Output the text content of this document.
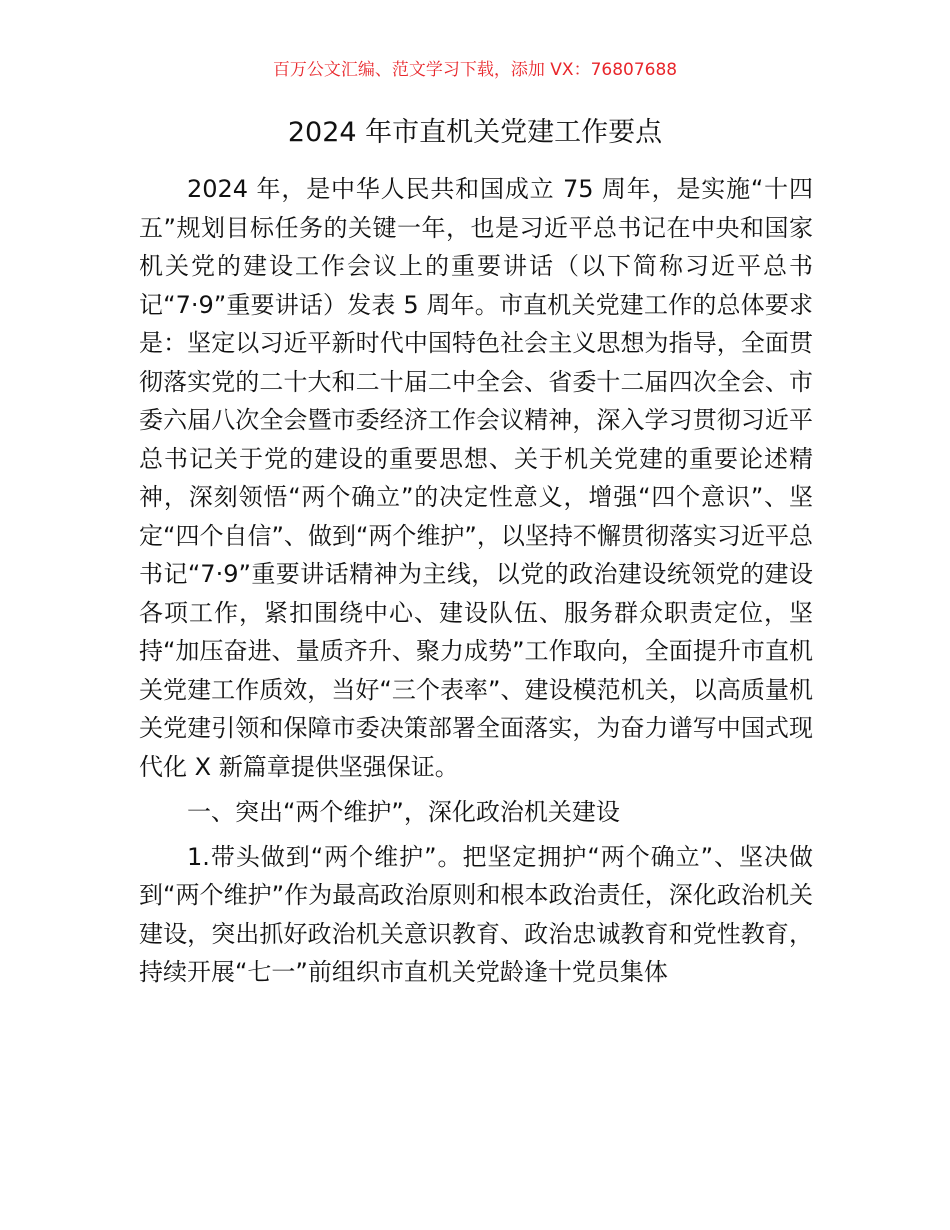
百万公文汇编、范文学习下载，添加 VX：76807688
2024 年市直机关党建工作要点

2024 年，是中华人民共和国成立 75 周年，是实施“十四五”规划目标任务的关键一年，也是习近平总书记在中央和国家机关党的建设工作会议上的重要讲话（以下简称习近平总书记“7·9”重要讲话）发表 5 周年。市直机关党建工作的总体要求是：坚定以习近平新时代中国特色社会主义思想为指导，全面贯彻落实党的二十大和二十届二中全会、省委十二届四次全会、市委六届八次全会暨市委经济工作会议精神，深入学习贯彻习近平总书记关于党的建设的重要思想、关于机关党建的重要论述精神，深刻领悟“两个确立”的决定性意义，增强“四个意识”、坚定“四个自信”、做到“两个维护”，以坚持不懈贯彻落实习近平总书记“7·9”重要讲话精神为主线，以党的政治建设统领党的建设各项工作，紧扣围绕中心、建设队伍、服务群众职责定位，坚持“加压奋进、量质齐升、聚力成势”工作取向，全面提升市直机关党建工作质效，当好“三个表率”、建设模范机关，以高质量机关党建引领和保障市委决策部署全面落实，为奋力谱写中国式现代化 X 新篇章提供坚强保证。

一、突出“两个维护”，深化政治机关建设

1.带头做到“两个维护”。把坚定拥护“两个确立”、坚决做到“两个维护”作为最高政治原则和根本政治责任，深化政治机关建设，突出抓好政治机关意识教育、政治忠诚教育和党性教育，持续开展“七一”前组织市直机关党龄逢十党员集体
